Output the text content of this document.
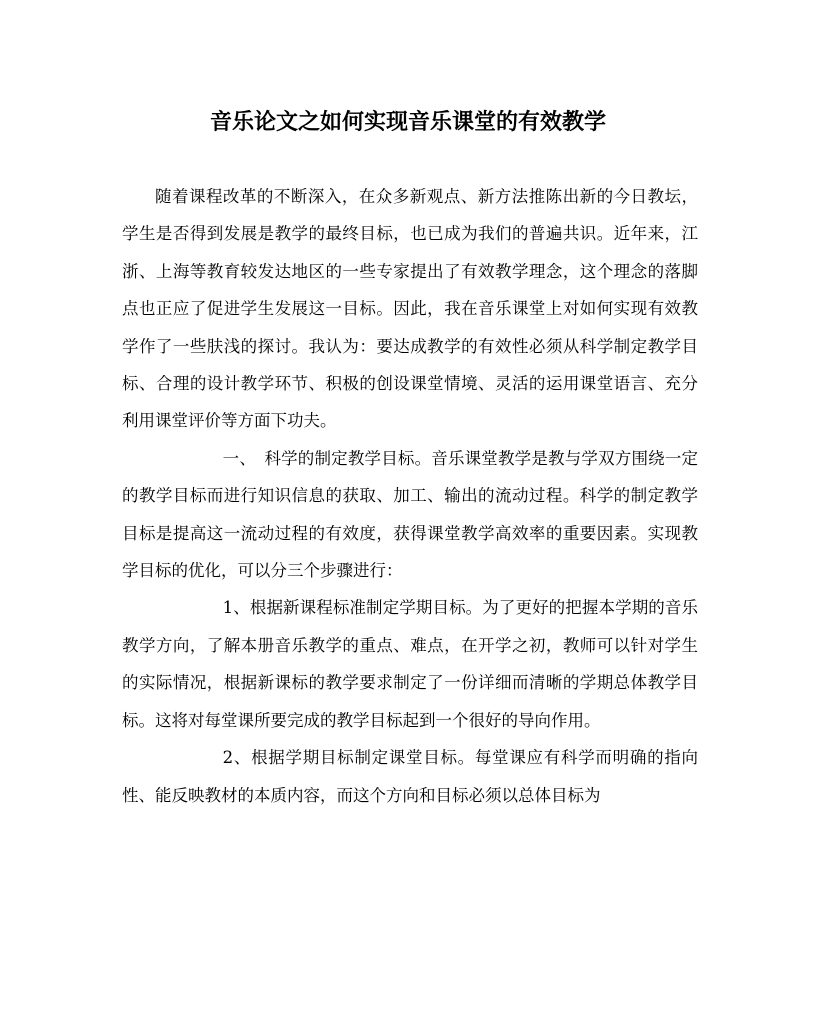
音乐论文之如何实现音乐课堂的有效教学

随着课程改革的不断深入，在众多新观点、新方法推陈出新的今日教坛，学生是否得到发展是教学的最终目标，也已成为我们的普遍共识。近年来，江浙、上海等教育较发达地区的一些专家提出了有效教学理念，这个理念的落脚点也正应了促进学生发展这一目标。因此，我在音乐课堂上对如何实现有效教学作了一些肤浅的探讨。我认为：要达成教学的有效性必须从科学制定教学目标、合理的设计教学环节、积极的创设课堂情境、灵活的运用课堂语言、充分利用课堂评价等方面下功夫。

一、　科学的制定教学目标。音乐课堂教学是教与学双方围绕一定的教学目标而进行知识信息的获取、加工、输出的流动过程。科学的制定教学目标是提高这一流动过程的有效度，获得课堂教学高效率的重要因素。实现教学目标的优化，可以分三个步骤进行：

1、根据新课程标准制定学期目标。为了更好的把握本学期的音乐教学方向，了解本册音乐教学的重点、难点，在开学之初，教师可以针对学生的实际情况，根据新课标的教学要求制定了一份详细而清晰的学期总体教学目标。这将对每堂课所要完成的教学目标起到一个很好的导向作用。

2、根据学期目标制定课堂目标。每堂课应有科学而明确的指向性、能反映教材的本质内容，而这个方向和目标必须以总体目标为
